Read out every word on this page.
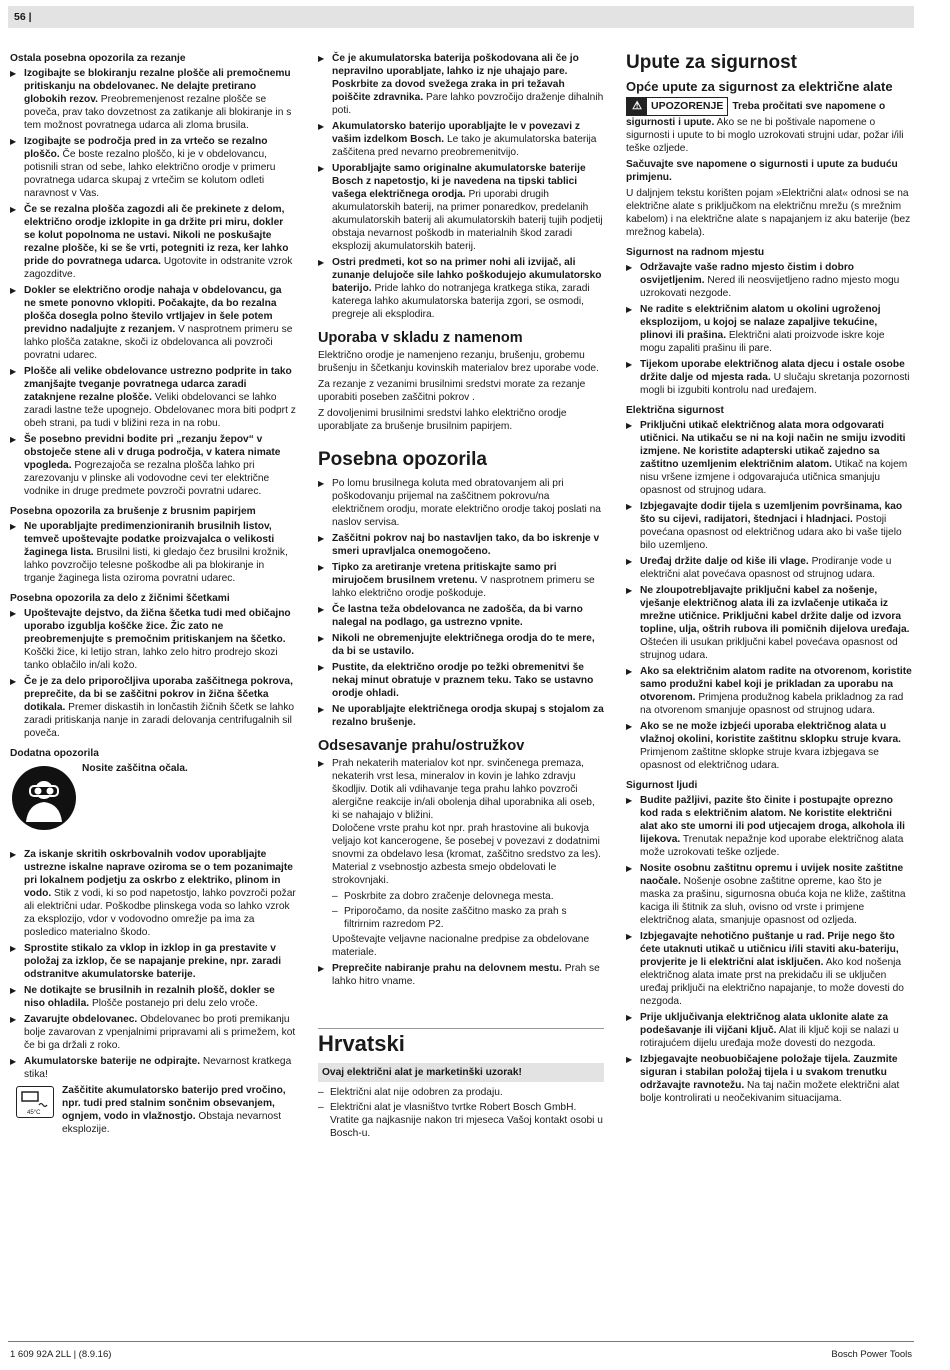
56 |

Ostala posebna opozorila za rezanje

▶ Izogibajte se blokiranju rezalne plošče ali premočnemu pritiskanju na obdelovanec. Ne delajte pretirano globokih rezov. Preobremenjenost rezalne plošče se poveča, prav tako dovzetnost za zatikanje ali blokiranje in s tem možnost povratnega udarca ali zloma brusila.
▶ Izogibajte se področja pred in za vrtečo se rezalno ploščo. Če boste rezalno ploščo, ki je v obdelovancu, potisnili stran od sebe, lahko električno orodje v primeru povratnega udarca skupaj z vrtečim se kolutom odleti naravnost v Vas.
▶ Če se rezalna plošča zagozdi ali če prekinete z delom, električno orodje izklopite in ga držite pri miru, dokler se kolut popolnoma ne ustavi. Nikoli ne poskušajte rezalne plošče, ki se še vrti, potegniti iz reza, ker lahko pride do povratnega udarca. Ugotovite in odstranite vzrok zagozditve.
▶ Dokler se električno orodje nahaja v obdelovancu, ga ne smete ponovno vklopiti. Počakajte, da bo rezalna plošča dosegla polno število vrtljajev in šele potem previdno nadaljujte z rezanjem. V nasprotnem primeru se lahko plošča zatakne, skoči iz obdelovanca ali povzroči povratni udarec.
▶ Plošče ali velike obdelovance ustrezno podprite in tako zmanjšajte tveganje povratnega udarca zaradi zataknjene rezalne plošče. Veliki obdelovanci se lahko zaradi lastne teže upognejo. Obdelovanec mora biti podprt z obeh strani, pa tudi v bližini reza in na robu.
▶ Še posebno previdni bodite pri „rezanju žepov“ v obstoječe stene ali v druga področja, v katera nimate vpogleda. Pogrezajoča se rezalna plošča lahko pri zarezovanju v plinske ali vodovodne cevi ter električne vodnike in druge predmete povzroči povratni udarec.

Posebna opozorila za brušenje z brusnim papirjem

▶ Ne uporabljajte predimenzioniranih brusilnih listov, temveč upoštevajte podatke proizvajalca o velikosti žaginega lista. Brusilni listi, ki gledajo čez brusilni krožnik, lahko povzročijo telesne poškodbe ali pa blokiranje in trganje žaginega lista oziroma povratni udarec.

Posebna opozorila za delo z žičnimi ščetkami

▶ Upoštevajte dejstvo, da žična ščetka tudi med običajno uporabo izgublja koščke žice. Žic zato ne preobremenjujte s premočnim pritiskanjem na ščetko. Koščki žice, ki letijo stran, lahko zelo hitro prodrejo skozi tanko oblačilo in/ali kožo.
▶ Če je za delo priporočljiva uporaba zaščitnega pokrova, preprečite, da bi se zaščitni pokrov in žična ščetka dotikala. Premer diskastih in lončastih žičnih ščetk se lahko zaradi pritiskanja nanje in zaradi delovanja centrifugalnih sil poveča.

Dodatna opozorila

Nosite zaščitna očala.
▶ Za iskanje skritih oskrbovalnih vodov uporabljajte ustrezne iskalne naprave oziroma se o tem pozanimajte pri lokalnem podjetju za oskrbo z elektriko, plinom in vodo. Stik z vodi, ki so pod napetostjo, lahko povzroči požar ali električni udar. Poškodbe plinskega voda so lahko vzrok za eksplozijo, vdor v vodovodno omrežje pa ima za posledico materialno škodo.
▶ Sprostite stikalo za vklop in izklop in ga prestavite v položaj za izklop, če se napajanje prekine, npr. zaradi odstranitve akumulatorske baterije.
▶ Ne dotikajte se brusilnih in rezalnih plošč, dokler se niso ohladila. Plošče postanejo pri delu zelo vroče.
▶ Zavarujte obdelovanec. Obdelovanec bo proti premikanju bolje zavarovan z vpenjalnimi pripravami ali s primežem, kot če bi ga držali z roko.
▶ Akumulatorske baterije ne odpirajte. Nevarnost kratkega stika!
45°C
Zaščitite akumulatorsko baterijo pred vročino, npr. tudi pred stalnim sončnim obsevanjem, ognjem, vodo in vlažnostjo. Obstaja nevarnost eksplozije.
▶ Če je akumulatorska baterija poškodovana ali če jo nepravilno uporabljate, lahko iz nje uhajajo pare. Poskrbite za dovod svežega zraka in pri težavah poiščite zdravnika. Pare lahko povzročijo draženje dihalnih poti.
▶ Akumulatorsko baterijo uporabljajte le v povezavi z vašim izdelkom Bosch. Le tako je akumulatorska baterija zaščitena pred nevarno preobremenitvijo.
▶ Uporabljajte samo originalne akumulatorske baterije Bosch z napetostjo, ki je navedena na tipski tablici vašega električnega orodja. Pri uporabi drugih akumulatorskih baterij, na primer ponaredkov, predelanih akumulatorskih baterij ali akumulatorskih baterij tujih podjetij obstaja nevarnost poškodb in materialnih škod zaradi eksplozij akumulatorskih baterij.
▶ Ostri predmeti, kot so na primer nohi ali izvijač, ali zunanje delujoče sile lahko poškodujejo akumulatorsko baterijo. Pride lahko do notranjega kratkega stika, zaradi katerega lahko akumulatorska baterija zgori, se osmodi, pregreje ali eksplodira.

Uporaba v skladu z namenom

Električno orodje je namenjeno rezanju, brušenju, grobemu brušenju in ščetkanju kovinskih materialov brez uporabe vode.

Za rezanje z vezanimi brusilnimi sredstvi morate za rezanje uporabiti poseben zaščitni pokrov .

Z dovoljenimi brusilnimi sredstvi lahko električno orodje uporabljate za brušenje brusilnim papirjem.

Posebna opozorila

▶ Po lomu brusilnega koluta med obratovanjem ali pri poškodovanju prijemal na zaščitnem pokrovu/na električnem orodju, morate električno orodje takoj poslati na naslov servisa.
▶ Zaščitni pokrov naj bo nastavljen tako, da bo iskrenje v smeri upravljalca onemogočeno.
▶ Tipko za aretiranje vretena pritiskajte samo pri mirujočem brusilnem vretenu. V nasprotnem primeru se lahko električno orodje poškoduje.
▶ Če lastna teža obdelovanca ne zadošča, da bi varno nalegal na podlago, ga ustrezno vpnite.
▶ Nikoli ne obremenjujte električnega orodja do te mere, da bi se ustavilo.
▶ Pustite, da električno orodje po težki obremenitvi še nekaj minut obratuje v praznem teku. Tako se ustavno orodje ohladi.
▶ Ne uporabljajte električnega orodja skupaj s stojalom za rezalno brušenje.

Odsesavanje prahu/ostružkov

▶ Prah nekaterih materialov kot npr. svinčenega premaza, nekaterih vrst lesa, mineralov in kovin je lahko zdravju škodljiv. Dotik ali vdihavanje tega prahu lahko povzroči alergične reakcije in/ali obolenja dihal uporabnika ali oseb, ki se nahajajo v bližini.
Določene vrste prahu kot npr. prah hrastovine ali bukovja veljajo kot kancerogene, še posebej v povezavi z dodatnimi snovmi za obdelavo lesa (kromat, zaščitno sredstvo za les). Material z vsebnostjo azbesta smejo obdelovati le strokovnjaki.
– Poskrbite za dobro zračenje delovnega mesta.
– Priporočamo, da nosite zaščitno masko za prah s filtrirnim razredom P2.

Upoštevajte veljavne nacionalne predpise za obdelovane materiale.

▶ Preprečite nabiranje prahu na delovnem mestu. Prah se lahko hitro vname.

Hrvatski

Ovaj električni alat je marketinški uzorak!
– Električni alat nije odobren za prodaju.
– Električni alat je vlasništvo tvrtke Robert Bosch GmbH. Vratite ga najkasnije nakon tri mjeseca Vašoj kontakt osobi u Bosch-u.

Upute za sigurnost

Opće upute za sigurnost za električne alate

⚠ UPOZORENJE Treba pročitati sve napomene o sigurnosti i upute. Ako se ne bi poštivale napomene o sigurnosti i upute to bi moglo uzrokovati strujni udar, požar i/ili teške ozljede.

Sačuvajte sve napomene o sigurnosti i upute za buduću primjenu.

U daljnjem tekstu korišten pojam »Električni alat« odnosi se na električne alate s priključkom na električnu mrežu (s mrežnim kabelom) i na električne alate s napajanjem iz aku baterije (bez mrežnog kabela).

Sigurnost na radnom mjestu

▶ Održavajte vaše radno mjesto čistim i dobro osvijetljenim. Nered ili neosvijetljeno radno mjesto mogu uzrokovati nezgode.
▶ Ne radite s električnim alatom u okolini ugroženoj eksplozijom, u kojoj se nalaze zapaljive tekućine, plinovi ili prašina. Električni alati proizvode iskre koje mogu zapaliti prašinu ili pare.
▶ Tijekom uporabe električnog alata djecu i ostale osobe držite dalje od mjesta rada. U slučaju skretanja pozornosti mogli bi izgubiti kontrolu nad uređajem.

Električna sigurnost

▶ Priključni utikač električnog alata mora odgovarati utičnici. Na utikaču se ni na koji način ne smiju izvoditi izmjene. Ne koristite adapterski utikač zajedno sa zaštitno uzemljenim električnim alatom. Utikač na kojem nisu vršene izmjene i odgovarajuća utičnica smanjuju opasnost od strujnog udara.
▶ Izbjegavajte dodir tijela s uzemljenim površinama, kao što su cijevi, radijatori, štednjaci i hladnjaci. Postoji povećana opasnost od električnog udara ako bi vaše tijelo bilo uzemljeno.
▶ Uređaj držite dalje od kiše ili vlage. Prodiranje vode u električni alat povećava opasnost od strujnog udara.
▶ Ne zloupotrebljavajte priključni kabel za nošenje, vješanje električnog alata ili za izvlačenje utikača iz mrežne utičnice. Priključni kabel držite dalje od izvora topline, ulja, oštrih rubova ili pomičnih dijelova uređaja. Oštećen ili usukan priključni kabel povećava opasnost od strujnog udara.
▶ Ako sa električnim alatom radite na otvorenom, koristite samo produžni kabel koji je prikladan za uporabu na otvorenom. Primjena produžnog kabela prikladnog za rad na otvorenom smanjuje opasnost od strujnog udara.
▶ Ako se ne može izbjeći uporaba električnog alata u vlažnoj okolini, koristite zaštitnu sklopku struje kvara. Primjenom zaštitne sklopke struje kvara izbjegava se opasnost od električnog udara.

Sigurnost ljudi

▶ Budite pažljivi, pazite što činite i postupajte oprezno kod rada s električnim alatom. Ne koristite električni alat ako ste umorni ili pod utjecajem droga, alkohola ili lijekova. Trenutak nepažnje kod uporabe električnog alata može uzrokovati teške ozljede.
▶ Nosite osobnu zaštitnu opremu i uvijek nosite zaštitne naočale. Nošenje osobne zaštitne opreme, kao što je maska za prašinu, sigurnosna obuća koja ne kliže, zaštitna kaciga ili štitnik za sluh, ovisno od vrste i primjene električnog alata, smanjuje opasnost od ozljeda.
▶ Izbjegavajte nehotično puštanje u rad. Prije nego što ćete utaknuti utikač u utičnicu i/ili staviti aku-bateriju, provjerite je li električni alat isključen. Ako kod nošenja električnog alata imate prst na prekidaču ili se uključen uređaj priključi na električno napajanje, to može dovesti do nezgoda.
▶ Prije uključivanja električnog alata uklonite alate za podešavanje ili vijčani ključ. Alat ili ključ koji se nalazi u rotirajućem dijelu uređaja može dovesti do nezgoda.
▶ Izbjegavajte neobuobičajene položaje tijela. Zauzmite siguran i stabilan položaj tijela i u svakom trenutku održavajte ravnotežu. Na taj način možete električni alat bolje kontrolirati u neočekivanim situacijama.
1 609 92A 2LL | (8.9.16)	Bosch Power Tools
